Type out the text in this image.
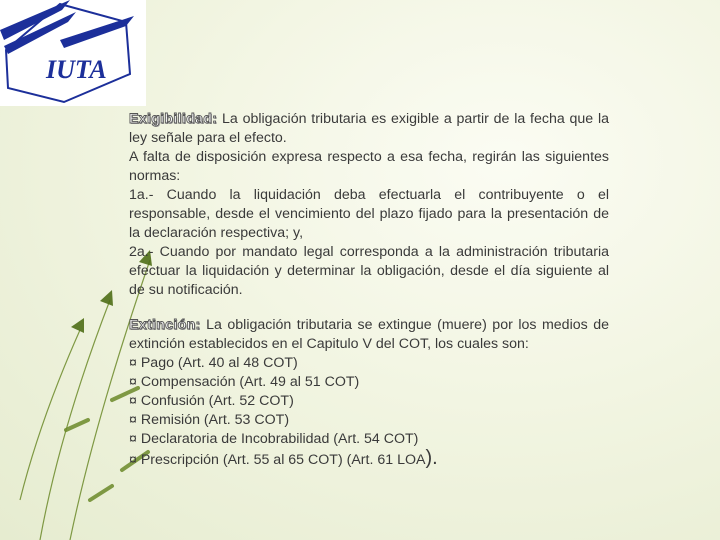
IUTA

Exigibilidad: La obligación tributaria es exigible a partir de la fecha que la ley señale para el efecto.

A falta de disposición expresa respecto a esa fecha, regirán las siguientes normas:

1a.- Cuando la liquidación deba efectuarla el contribuyente o el responsable, desde el vencimiento del plazo fijado para la presentación de la declaración respectiva; y,

2a.- Cuando por mandato legal corresponda a la administración tributaria efectuar la liquidación y determinar la obligación, desde el día siguiente al de su notificación.

Extinción: La obligación tributaria se extingue (muere) por los medios de extinción establecidos en el Capitulo V del COT, los cuales son:

¤ Pago (Art. 40 al 48 COT)
¤ Compensación (Art. 49 al 51 COT)
¤ Confusión (Art. 52 COT)
¤ Remisión (Art. 53 COT)
¤ Declaratoria de Incobrabilidad (Art. 54 COT)
¤ Prescripción (Art. 55 al 65 COT) (Art. 61 LOA).
